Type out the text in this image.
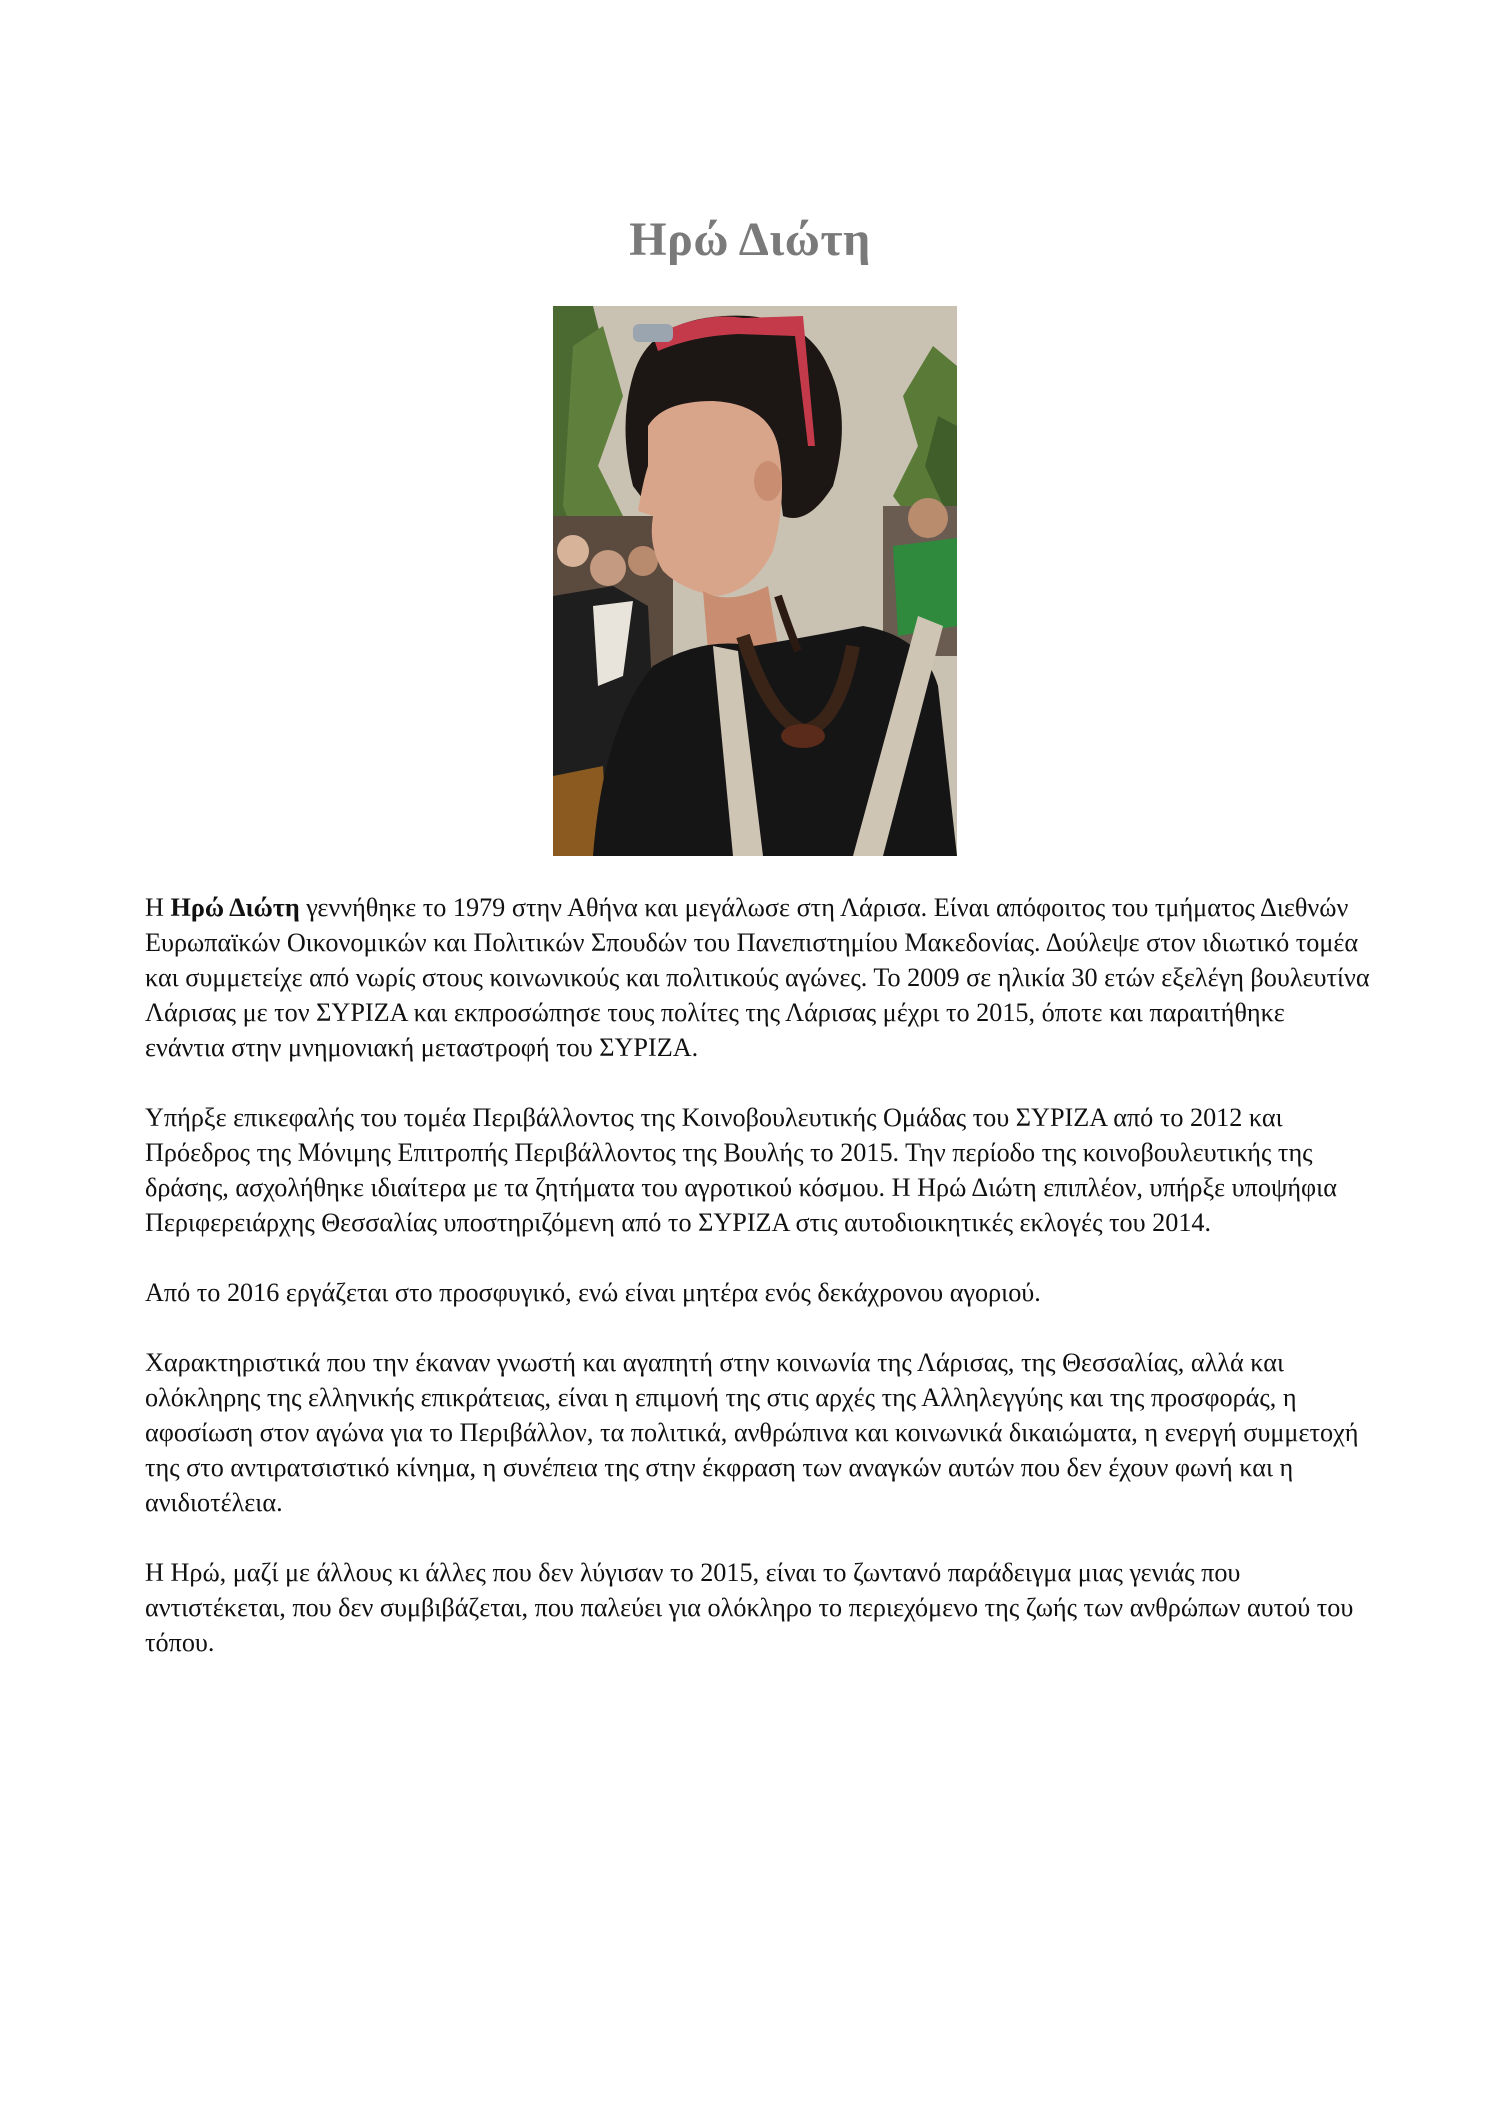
Ηρώ Διώτη

Η Ηρώ Διώτη γεννήθηκε το 1979 στην Αθήνα και μεγάλωσε στη Λάρισα. Είναι απόφοιτος του τμήματος Διεθνών Ευρωπαϊκών Οικονομικών και Πολιτικών Σπουδών του Πανεπιστημίου Μακεδονίας. Δούλεψε στον ιδιωτικό τομέα και συμμετείχε από νωρίς στους κοινωνικούς και πολιτικούς αγώνες. Το 2009 σε ηλικία 30 ετών εξελέγη βουλευτίνα Λάρισας με τον ΣΥΡΙΖΑ και εκπροσώπησε τους πολίτες της Λάρισας μέχρι το 2015, όποτε και παραιτήθηκε ενάντια στην μνημονιακή μεταστροφή του ΣΥΡΙΖΑ.

Υπήρξε επικεφαλής του τομέα Περιβάλλοντος της Κοινοβουλευτικής Ομάδας του ΣΥΡΙΖΑ από το 2012 και Πρόεδρος της Μόνιμης Επιτροπής Περιβάλλοντος της Βουλής το 2015. Την περίοδο της κοινοβουλευτικής της δράσης, ασχολήθηκε ιδιαίτερα με τα ζητήματα του αγροτικού κόσμου. Η Ηρώ Διώτη επιπλέον, υπήρξε υποψήφια Περιφερειάρχης Θεσσαλίας υποστηριζόμενη από το ΣΥΡΙΖΑ στις αυτοδιοικητικές εκλογές του 2014.

Από το 2016 εργάζεται στο προσφυγικό, ενώ είναι μητέρα ενός δεκάχρονου αγοριού.

Χαρακτηριστικά που την έκαναν γνωστή και αγαπητή στην κοινωνία της Λάρισας, της Θεσσαλίας, αλλά και ολόκληρης της ελληνικής επικράτειας, είναι η επιμονή της στις αρχές της Αλληλεγγύης και της προσφοράς, η αφοσίωση στον αγώνα για το Περιβάλλον, τα πολιτικά, ανθρώπινα και κοινωνικά δικαιώματα, η ενεργή συμμετοχή της στο αντιρατσιστικό κίνημα, η συνέπεια της στην έκφραση των αναγκών αυτών που δεν έχουν φωνή και η ανιδιοτέλεια.

Η Ηρώ, μαζί με άλλους κι άλλες που δεν λύγισαν το 2015, είναι το ζωντανό παράδειγμα μιας γενιάς που αντιστέκεται, που δεν συμβιβάζεται, που παλεύει για ολόκληρο το περιεχόμενο της ζωής των ανθρώπων αυτού του τόπου.
